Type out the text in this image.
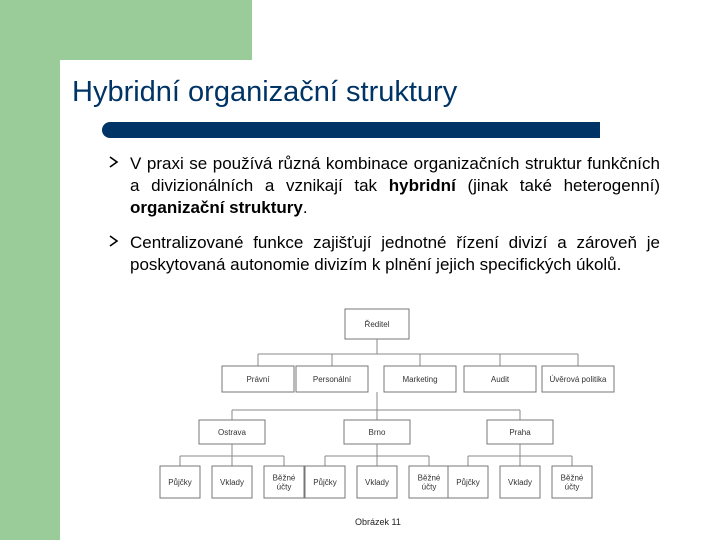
Hybridní organizační struktury
V praxi se používá různá kombinace organizačních struktur funkčních a divizionálních a vznikají tak hybridní (jinak také heterogenní) organizační struktury.
Centralizované funkce zajišťují jednotné řízení divizí a zároveň je poskytovaná autonomie divizím k plnění jejich specifických úkolů.
Ředitel
Právní	Personální	Marketing	Audit	Úvěrová politika
Ostrava	Brno	Praha
Půjčky	Vklady	Běžné
účty	Půjčky	Vklady	Běžné
účty Půjčky	Vklady	Běžné
účty
Obrázek 11
